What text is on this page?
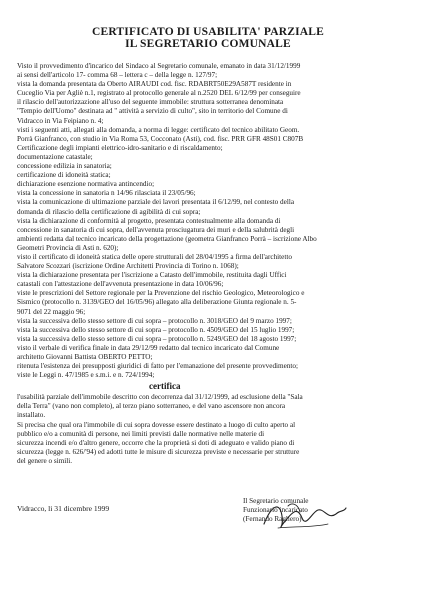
CERTIFICATO DI USABILITA' PARZIALE
IL SEGRETARIO COMUNALE
Visto il provvedimento d'incarico del Sindaco al Segretario comunale, emanato in data 31/12/1999
ai sensi dell'articolo 17- comma 68 – lettera c – della legge n. 127/97;
vista la domanda presentata da Oberto AIRAUDI cod. fisc. RDABRT50E29A587T residente in
Cuceglio Via per Agliè n.1, registrato al protocollo generale al n.2520 DEL 6/12/99 per conseguire
il rilascio dell'autorizzazione all'uso del seguente immobile: struttura sotterranea denominata
"Tempio dell'Uomo" destinata ad " attività a servizio di culto", sito in territorio del Comune di
Vidracco in Via Feipiano n. 4;
visti i seguenti atti, allegati alla domanda, a norma di legge: certificato del tecnico abilitato Geom.
Porrà Gianfranco, con studio in Via Roma 53, Cocconato (Asti), cod. fisc. PRR GFR 48S01 C807B
Certificazione degli impianti elettrico-idro-sanitario e di riscaldamento;
documentazione catastale;
concessione edilizia in sanatoria;
certificazione di idoneità statica;
dichiarazione esenzione normativa antincendio;
vista la concessione in sanatoria n 14/96 rilasciata il 23/05/96;
vista la comunicazione di ultimazione parziale dei lavori presentata il 6/12/99, nel contesto della
domanda di rilascio della certificazione di agibilità di cui sopra;
vista la dichiarazione di conformità al progetto, presentata contestualmente alla domanda di
concessione in sanatoria di cui sopra, dell'avvenuta prosciugatura dei muri e della salubrità degli
ambienti redatta dal tecnico incaricato della progettazione (geometra Gianfranco Porrà – iscrizione Albo
Geometri Provincia di Asti n. 620);
visto il certificato di idoneità statica delle opere strutturali del 28/04/1995 a firma dell'architetto
Salvatore Scozzari (iscrizione Ordine Architetti Provincia di Torino n. 1068);
vista la dichiarazione presentata per l'iscrizione a Catasto dell'immobile, restituita dagli Uffici
catastali con l'attestazione dell'avvenuta presentazione in data 10/06/96;
viste le prescrizioni del Settore regionale per la Prevenzione del rischio Geologico, Meteorologico e
Sismico (protocollo n. 3139/GEO del 16/05/96) allegato alla deliberazione Giunta regionale n. 5-
9071 del 22 maggio 96;
vista la successiva dello stesso settore di cui sopra – protocollo n. 3018/GEO del 9 marzo 1997;
vista la successiva dello stesso settore di cui sopra – protocollo n. 4509/GEO del 15 luglio 1997;
vista la successiva dello stesso settore di cui sopra – protocollo n. 5249/GEO del 18 agosto 1997;
visto il verbale di verifica finale in data 29/12/99 redatto dal tecnico incaricato dal Comune
architetto Giovanni Battista OBERTO PETTO;
ritenuta l'esistenza dei presupposti giuridici di fatto per l'emanazione del presente provvedimento;
viste le Leggi n. 47/1985 e s.m.i. e n. 724/1994;
certifica
l'usabilità parziale dell'immobile descritto con decorrenza dal 31/12/1999, ad esclusione della "Sala
della Terra" (vano non completo), al terzo piano sotterraneo, e del vano ascensore non ancora
installato.
Si precisa che qual ora l'immobile di cui sopra dovesse essere destinato a luogo di culto aperto al
pubblico e/o a comunità di persone, nei limiti previsti dalle normative nelle materie di
sicurezza incendi e/o d'altro genere, occorre che la proprietà si doti di adeguato e valido piano di
sicurezza (legge n. 626/'94) ed adotti tutte le misure di sicurezza previste e necessarie per strutture
del genere o simili.
Vidracco, li 31 dicembre 1999
Il Segretario comunale
Funzionario incaricato
(Fernando Ragliero)
